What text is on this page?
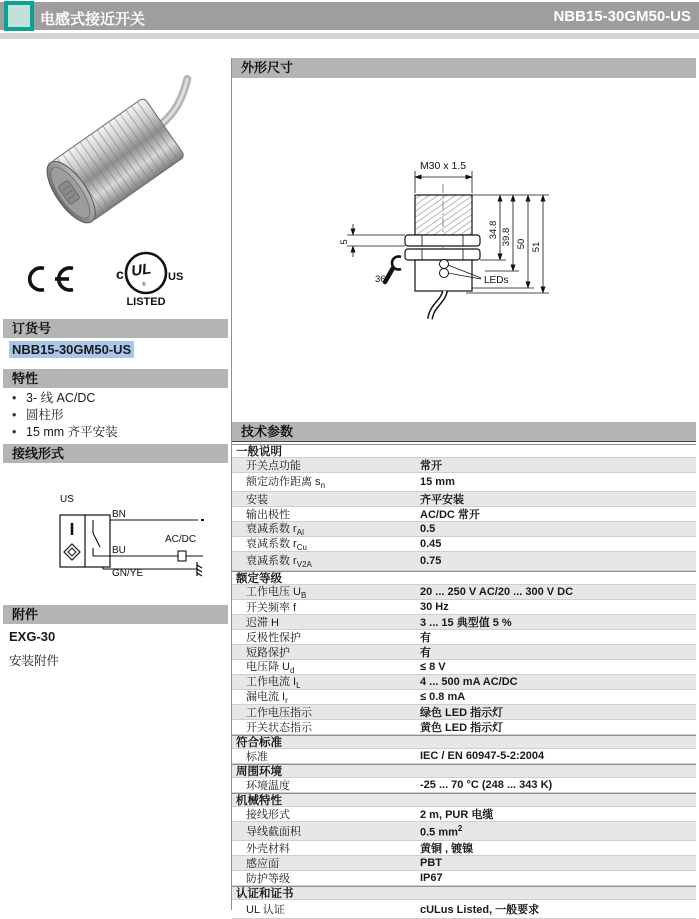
电感式接近开关	NBB15-30GM50-US
c	US
UL
®
LISTED
订货号
NBB15-30GM50-US
特性
• 3- 线 AC/DC
• 圆柱形
• 15 mm 齐平安装
接线形式
US
BN
AC/DC
BU
GN/YE
附件
EXG-30
安装附件
外形尺寸
M30 x 1.5
LEDs
5
36
34.8 39.8 50 51
技术参数
一般说明
开关点功能	常开
额定动作距离 $s_n$	15 mm
安装	齐平安装
输出极性	AC/DC 常开
衰减系数 $r_{Al}$	0.5
衰减系数 $r_{Cu}$	0.45
衰减系数 $r_{V2A}$	0.75
额定等级
工作电压 $U_B$	20 ... 250 V AC/20 ... 300 V DC
开关频率 f	30 Hz
迟滞 H	3 ... 15 典型值 5 %
反极性保护	有
短路保护	有
电压降 $U_d$	≤ 8 V
工作电流 $I_L$	4 ... 500 mA AC/DC
漏电流 $I_r$	≤ 0.8 mA
工作电压指示	绿色 LED 指示灯
开关状态指示	黄色 LED 指示灯
符合标准
标准	IEC / EN 60947-5-2:2004
周围环境
环境温度	-25 ... 70 °C (248 ... 343 K)
机械特性
接线形式	2 m, PUR 电缆
导线截面积	0.5 $mm^2$
外壳材料	黄铜 , 镀镍
感应面	PBT
防护等级	IP67
认证和证书
UL 认证	cULus Listed, 一般要求
